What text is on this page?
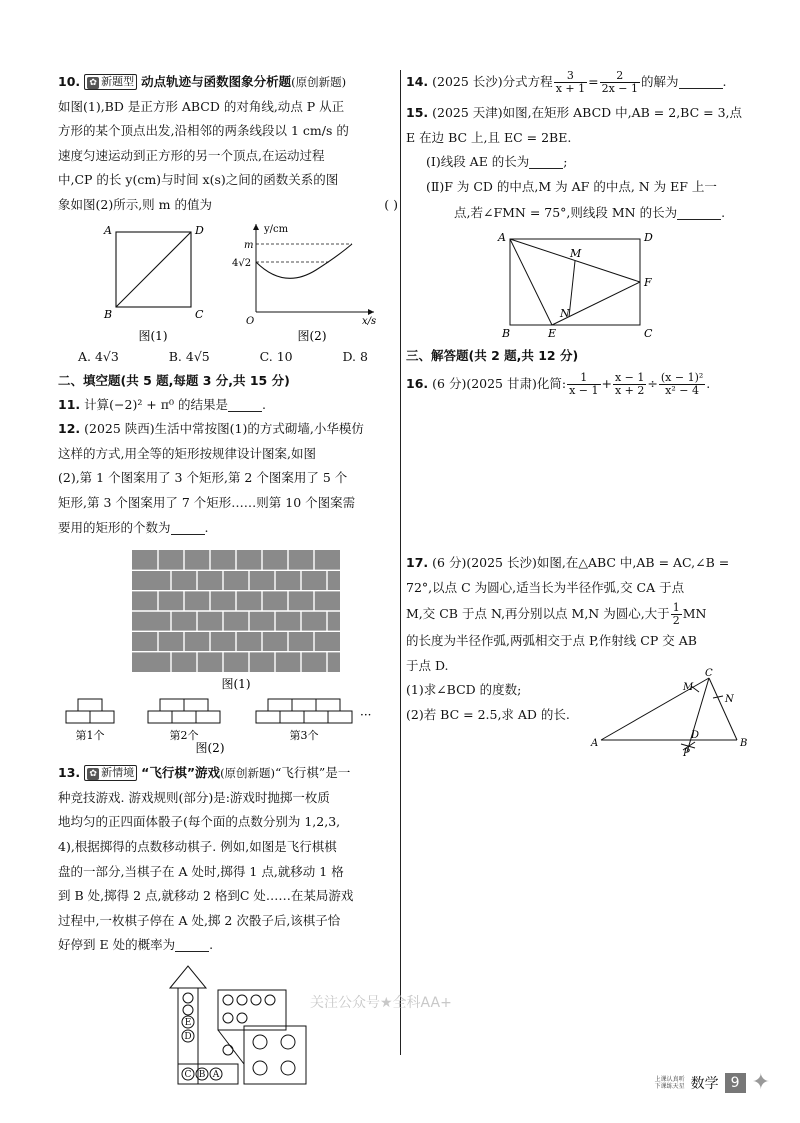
10. ✿ 新题型 动点轨迹与函数图象分析题(原创新题)

如图(1),BD 是正方形 ABCD 的对角线,动点 P 从正

方形的某个顶点出发,沿相邻的两条线段以 1 cm/s 的

速度匀速运动到正方形的另一个顶点,在运动过程

中,CP 的长 y(cm)与时间 x(s)之间的函数关系的图

象如图(2)所示,则 m 的值为	( )

A	D
B	C
图(1)
y/cm
x/s
O
m
4√2
图(2)
A. 4√3	B. 4√5	C. 10	D. 8
二、填空题(共 5 题,每题 3 分,共 15 分)

11. 计算(−2)² + π⁰ 的结果是	.

12. (2025 陕西)生活中常按图(1)的方式砌墙,小华模仿

这样的方式,用全等的矩形按规律设计图案,如图

(2),第 1 个图案用了 3 个矩形,第 2 个图案用了 5 个

矩形,第 3 个图案用了 7 个矩形……则第 10 个图案需

要用的矩形的个数为	.

图(1)
···
第1个	第2个	第3个
图(2)

13. ✿ 新情境 “飞行棋”游戏(原创新题)“飞行棋”是一

种竞技游戏. 游戏规则(部分)是:游戏时抛掷一枚质

地均匀的正四面体骰子(每个面的点数分别为 1,2,3,

4),根据掷得的点数移动棋子. 例如,如图是飞行棋棋

盘的一部分,当棋子在 A 处时,掷得 1 点,就移动 1 格

到 B 处,掷得 2 点,就移动 2 格到C 处……在某局游戏

过程中,一枚棋子停在 A 处,掷 2 次骰子后,该棋子恰

好停到 E 处的概率为	.

E
D
C B A

14. (2025 长沙)分式方程 $\frac{3}{x + 1} = \frac{2}{2x - 1}$ 的解为	.

15. (2025 天津)如图,在矩形 ABCD 中,AB = 2,BC = 3,点

E 在边 BC 上,且 EC = 2BE.

(Ⅰ)线段 AE 的长为	;

(Ⅱ)F 为 CD 的中点,M 为 AF 的中点, N 为 EF 上一

点,若∠FMN = 75°,则线段 MN 的长为	.

A	D
B	C
E
F
M
N
三、解答题(共 2 题,共 12 分)

16. (6 分)(2025 甘肃)化简: $\frac{1}{x - 1} + \frac{x - 1}{x + 2} \div \frac{\text{(x − 1)²}}{\text{x² − 4}}$ .

17. (6 分)(2025 长沙)如图,在△ABC 中,AB = AC,∠B =

72°,以点 C 为圆心,适当长为半径作弧,交 CA 于点

M,交 CB 于点 N,再分别以点 M,N 为圆心,大于 $\frac{1}{2}$ MN

的长度为半径作弧,两弧相交于点 P,作射线 CP 交 AB

于点 D.

(1)求∠BCD 的度数;

(2)若 BC = 2.5,求 AD 的长.

A	B
C
D
M
N
P
关注公众号★全科AA+
上课认真听
下课练天星 数学 9 ✦
